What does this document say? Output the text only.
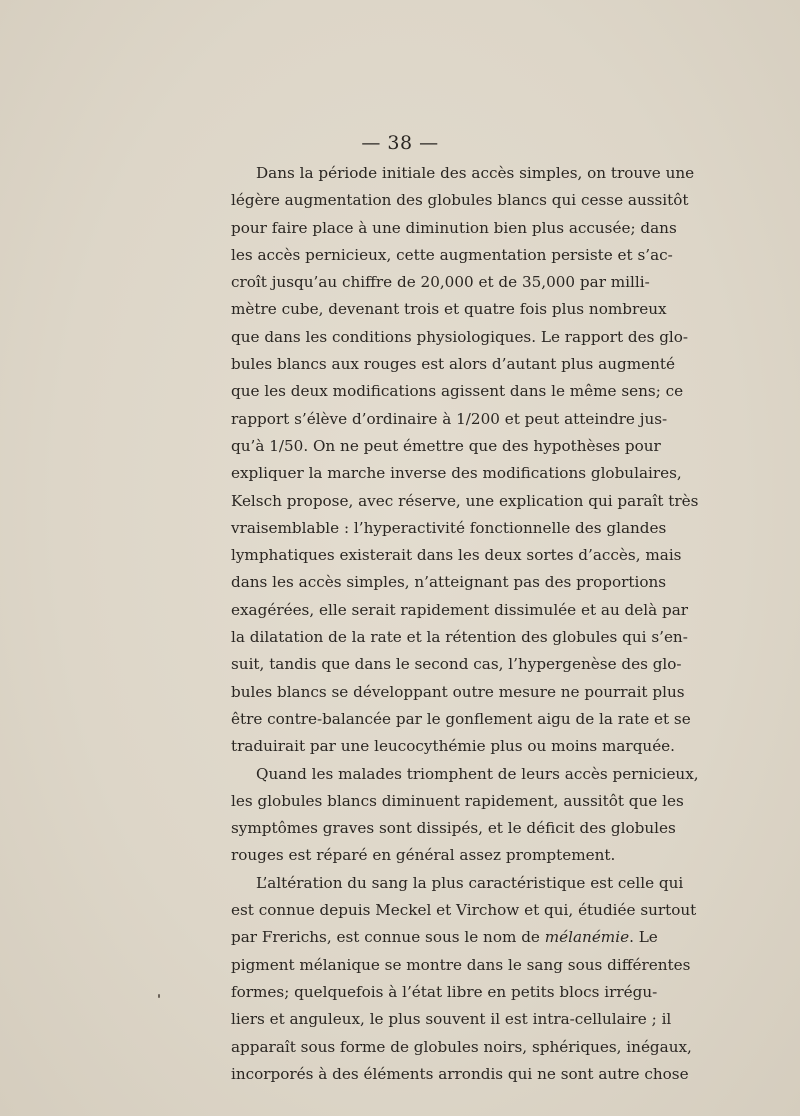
— 38 —
Dans la période initiale des accès simples, on trouve une
légère augmentation des globules blancs qui cesse aussitôt
pour faire place à une diminution bien plus accusée; dans
les accès pernicieux, cette augmentation persiste et s’ac-
croît jusqu’au chiffre de 20,000 et de 35,000 par milli-
mètre cube, devenant trois et quatre fois plus nombreux
que dans les conditions physiologiques. Le rapport des glo-
bules blancs aux rouges est alors d’autant plus augmenté
que les deux modifications agissent dans le même sens; ce
rapport s’élève d’ordinaire à 1/200 et peut atteindre jus-
qu’à 1/50. On ne peut émettre que des hypothèses pour
expliquer la marche inverse des modifications globulaires,
Kelsch propose, avec réserve, une explication qui paraît très
vraisemblable : l’hyperactivité fonctionnelle des glandes
lymphatiques existerait dans les deux sortes d’accès, mais
dans les accès simples, n’atteignant pas des proportions
exagérées, elle serait rapidement dissimulée et au delà par
la dilatation de la rate et la rétention des globules qui s’en-
suit, tandis que dans le second cas, l’hypergenèse des glo-
bules blancs se développant outre mesure ne pourrait plus
être contre-balancée par le gonflement aigu de la rate et se
traduirait par une leucocythémie plus ou moins marquée.
Quand les malades triomphent de leurs accès pernicieux,
les globules blancs diminuent rapidement, aussitôt que les
symptômes graves sont dissipés, et le déficit des globules
rouges est réparé en général assez promptement.
L’altération du sang la plus caractéristique est celle qui
est connue depuis Meckel et Virchow et qui, étudiée surtout
par Frerichs, est connue sous le nom de mélanémie. Le
pigment mélanique se montre dans le sang sous différentes
formes; quelquefois à l’état libre en petits blocs irrégu-
liers et anguleux, le plus souvent il est intra-cellulaire ; il
apparaît sous forme de globules noirs, sphériques, inégaux,
incorporés à des éléments arrondis qui ne sont autre chose
